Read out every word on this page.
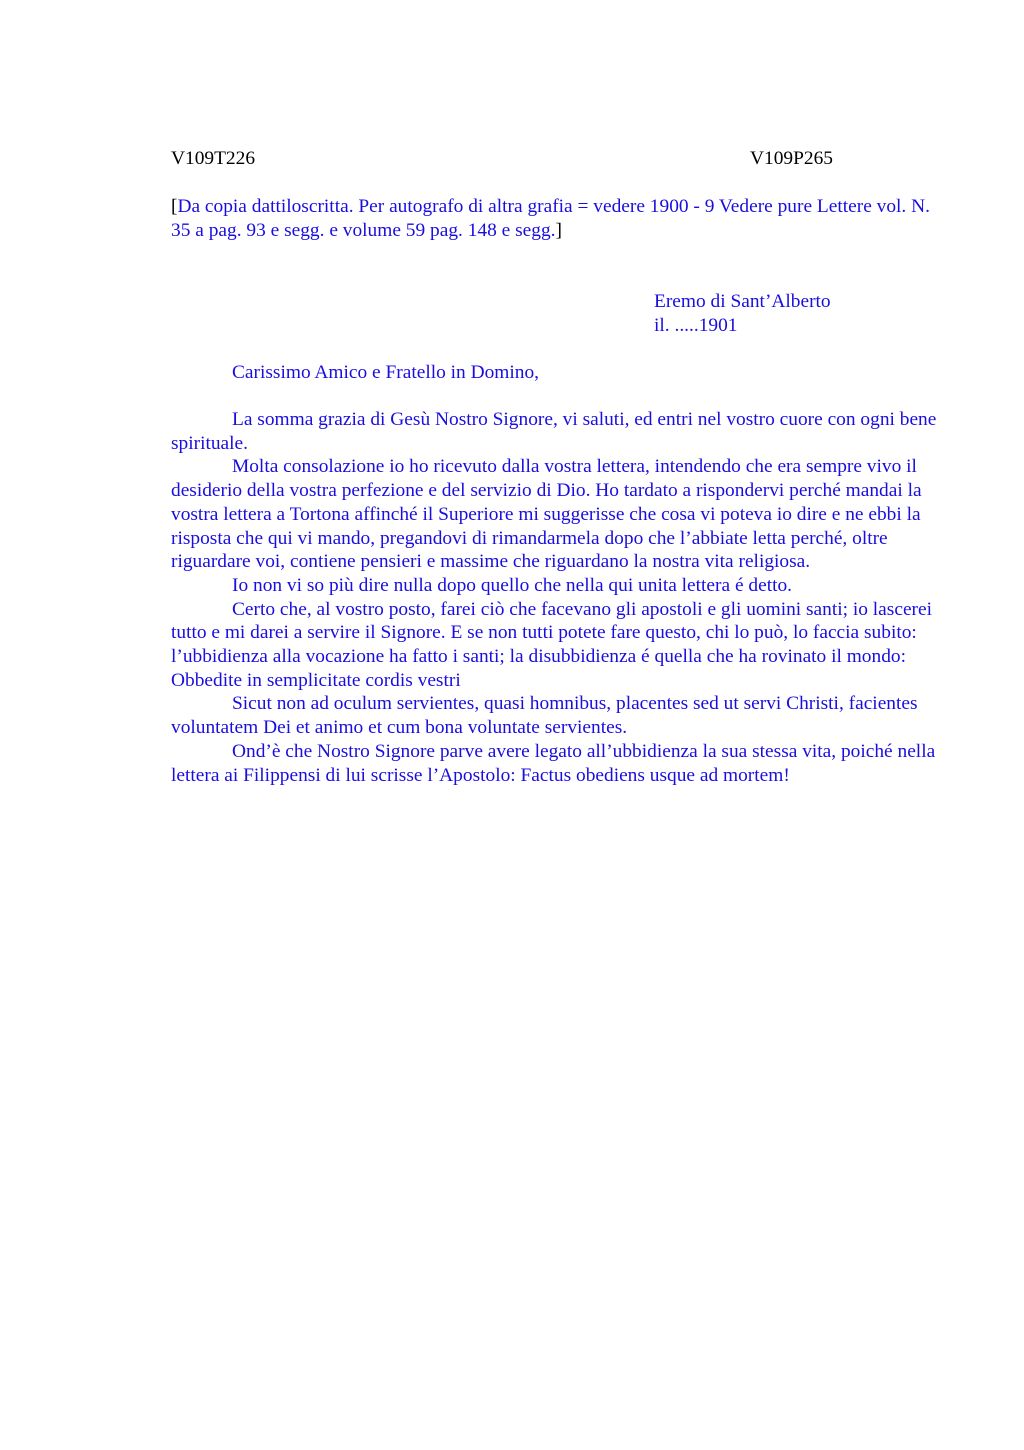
V109T226	V109P265
[Da copia dattiloscritta. Per autografo di altra grafia = vedere 1900 - 9 Vedere pure Lettere vol. N. 35 a pag. 93 e segg. e volume 59 pag. 148 e segg.]
Eremo di Sant’Alberto
il. .....1901
Carissimo Amico e Fratello in Domino,

La somma grazia di Gesù Nostro Signore, vi saluti, ed entri nel vostro cuore con ogni bene spirituale.

Molta consolazione io ho ricevuto dalla vostra lettera, intendendo che era sempre vivo il desiderio della vostra perfezione e del servizio di Dio. Ho tardato a rispondervi perché mandai la vostra lettera a Tortona affinché il Superiore mi suggerisse che cosa vi poteva io dire e ne ebbi la risposta che qui vi mando, pregandovi di rimandarmela dopo che l’abbiate letta perché, oltre riguardare voi, contiene pensieri e massime che riguardano la nostra vita religiosa.

Io non vi so più dire nulla dopo quello che nella qui unita lettera é detto.

Certo che, al vostro posto, farei ciò che facevano gli apostoli e gli uomini santi; io lascerei tutto e mi darei a servire il Signore. E se non tutti potete fare questo, chi lo può, lo faccia subito: l’ubbidienza alla vocazione ha fatto i santi; la disubbidienza é quella che ha rovinato il mondo: Obbedite in semplicitate cordis vestri

Sicut non ad oculum servientes, quasi homnibus, placentes sed ut servi Christi, facientes voluntatem Dei et animo et cum bona voluntate servientes.

Ond’è che Nostro Signore parve avere legato all’ubbidienza la sua stessa vita, poiché nella lettera ai Filippensi di lui scrisse l’Apostolo: Factus obediens usque ad mortem!
